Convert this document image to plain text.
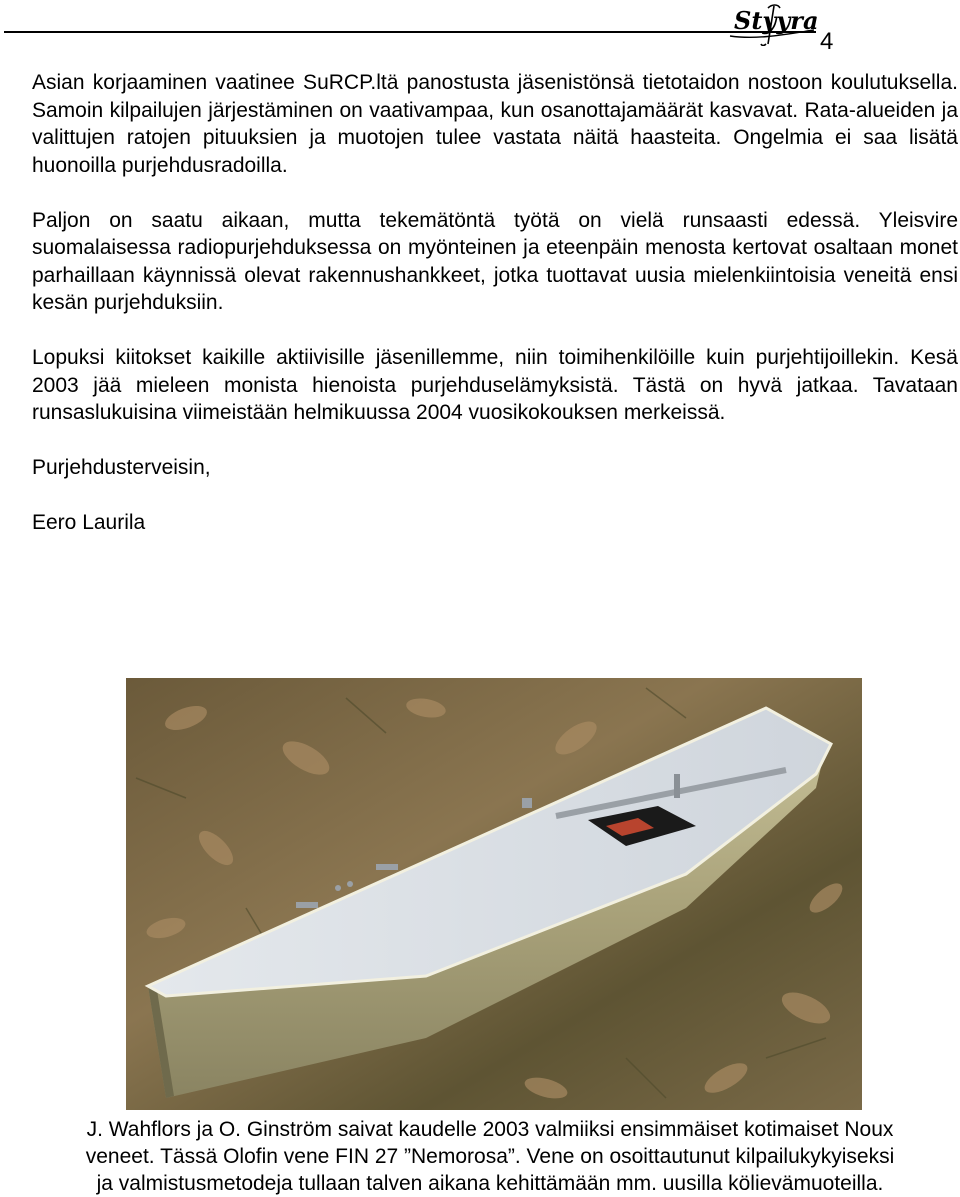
Styyra
4

Asian korjaaminen vaatinee SuRCP.ltä panostusta jäsenistönsä tietotaidon nostoon koulutuksella. Samoin kilpailujen järjestäminen on vaativampaa, kun osanottajamäärät kasvavat. Rata-alueiden ja valittujen ratojen pituuksien ja muotojen tulee vastata näitä haasteita. Ongelmia ei saa lisätä huonoilla purjehdusradoilla.

Paljon on saatu aikaan, mutta tekemätöntä työtä on vielä runsaasti edessä. Yleisvire suomalaisessa radiopurjehduksessa on myönteinen ja eteenpäin menosta kertovat osaltaan monet parhaillaan käynnissä olevat rakennushankkeet, jotka tuottavat uusia mielenkiintoisia veneitä ensi kesän purjehduksiin.

Lopuksi kiitokset kaikille aktiivisille jäsenillemme, niin toimihenkilöille kuin purjehtijoillekin. Kesä 2003 jää mieleen monista hienoista purjehduselämyksistä. Tästä on hyvä jatkaa. Tavataan runsaslukuisina viimeistään helmikuussa 2004 vuosikokouksen merkeissä.

Purjehdusterveisin,

Eero Laurila

J. Wahflors ja O. Ginström saivat kaudelle 2003 valmiiksi ensimmäiset kotimaiset Noux
veneet. Tässä Olofin vene FIN 27 ”Nemorosa”. Vene on osoittautunut kilpailukykyiseksi
ja valmistusmetodeja tullaan talven aikana kehittämään mm. uusilla kölievämuoteilla.
